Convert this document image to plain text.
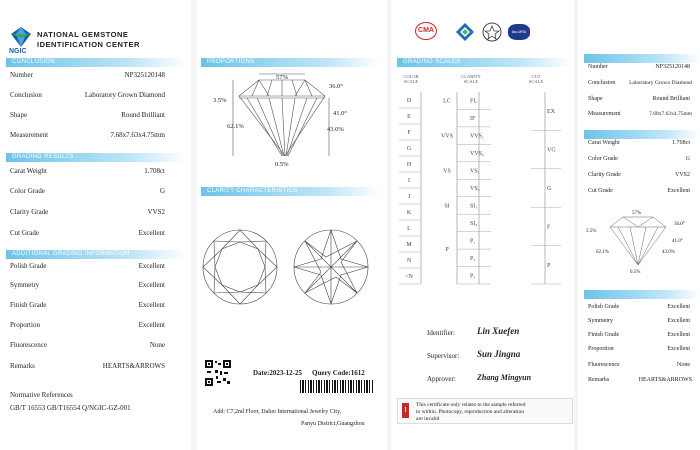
NGIC
NATIONAL GEMSTONE
IDENTIFICATION CENTER
CONCLUSION
Number	NP325120148
Conclusion	Laboratory Grown Diamond
Shape	Round Brilliant
Measurement	7.68x7.63x4.75mm
GRADING RESULTS
Carat Weight	1.708ct
Color Grade	G
Clarity Grade	VVS2
Cut Grade	Excellent
ADDITIONAL GRADING INFORMATION
Polish Grade	Excellent
Symmetry	Excellent
Finish Grade	Excellent
Proportion	Excellent
Fluorescence	None
Remarks	HEARTS&ARROWS
Normative References
GB/T 16553 GB/T16554 Q/NGIC-GZ-001
PROPORTIONS
57%
36.0°
3.5%
41.0°
62.1%	43.0%
0.5%
CLARITY CHARACTERISTICS
Date:2023-12-25 Query Code:1612
Add: C7,2nd Floor, Daluo International Jewelry City,
Panyu District,Guangzhou
CMA	ilac-MRA
GRADING SCALES
COLOR
SCALE
CLARITY
SCALE
CUT
SCALE
D
E
F
G
H
I
J
K
L
M
N
<N
FL
IF
VVS₁
VVS₂
VS₁
VS₂
SI₁
SI₂
P₁
P₂
P₃
LC
VVS
VS
SI
P
EX
VG
G
F
P
Identifier: Lin Xuefen
Supervisor: Sun Jingna
Approver:	Zhang Mingyun
!
This certificate only relates to the sample referred
to within. Photocopy, reproduction and alteration
are invalid
Number	NP325120148
Conclusion Laboratory Grown Diamond
Shape	Round Brilliant
Measurement	7.68x7.63x4.75mm
Carat Weight	1.708ct
Color Grade	G
Clarity Grade	VVS2
Cut Grade	Excellent
57%
36.0°
3.5%
41.0°
62.1%	43.0%
0.5%
Polish Grade	Excellent
Symmetry	Excellent
Finish Grade	Excellent
Proportion	Excellent
Fluorescence	None
Remarks	HEARTS&ARROWS
